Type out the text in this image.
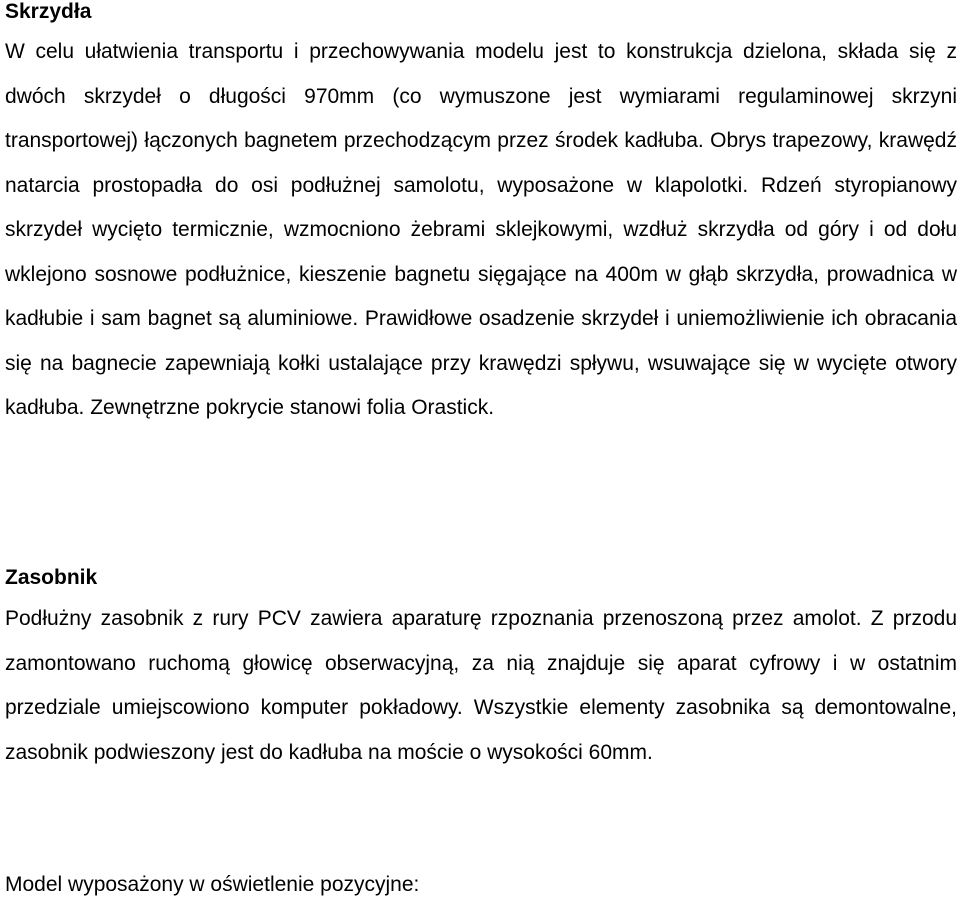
Skrzydła

W celu ułatwienia transportu i przechowywania modelu jest to konstrukcja dzielona, składa się z dwóch skrzydeł o długości 970mm (co wymuszone jest wymiarami regulaminowej skrzyni transportowej) łączonych bagnetem przechodzącym przez środek kadłuba. Obrys trapezowy, krawędź natarcia prostopadła do osi podłużnej samolotu, wyposażone w klapolotki. Rdzeń styropianowy skrzydeł wycięto termicznie, wzmocniono żebrami sklejkowymi, wzdłuż skrzydła od góry i od dołu wklejono sosnowe podłużnice, kieszenie bagnetu sięgające na 400m w głąb skrzydła, prowadnica w kadłubie i sam bagnet są aluminiowe. Prawidłowe osadzenie skrzydeł i uniemożliwienie ich obracania się na bagnecie zapewniają kołki ustalające przy krawędzi spływu, wsuwające się w wycięte otwory kadłuba. Zewnętrzne pokrycie stanowi folia Orastick.

Zasobnik

Podłużny zasobnik z rury PCV zawiera aparaturę rzpoznania przenoszoną przez amolot. Z przodu zamontowano ruchomą głowicę obserwacyjną, za nią znajduje się aparat cyfrowy i w ostatnim przedziale umiejscowiono komputer pokładowy. Wszystkie elementy zasobnika są demontowalne, zasobnik podwieszony jest do kadłuba na moście o wysokości 60mm.

Model wyposażony w oświetlenie pozycyjne:
